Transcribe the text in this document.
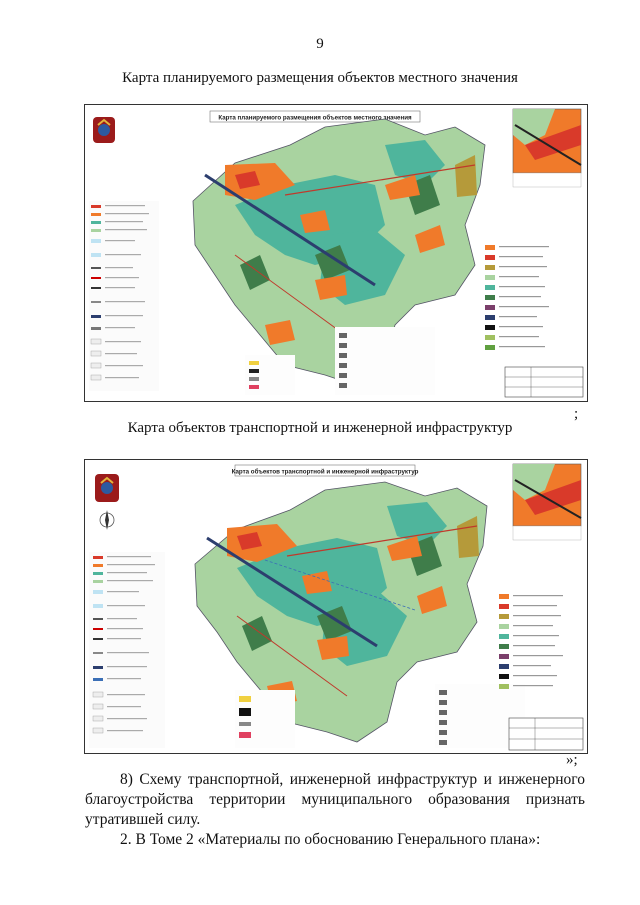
9
Карта планируемого размещения объектов местного значения
Карта планируемого размещения объектов местного значения
;
Карта объектов транспортной и инженерной инфраструктур
Карта объектов транспортной и инженерной инфраструктур
»;
8) Схему транспортной, инженерной инфраструктур и инженерного
благоустройства территории муниципального образования признать
утратившей силу.
2. В Томе 2 «Материалы по обоснованию Генерального плана»:
